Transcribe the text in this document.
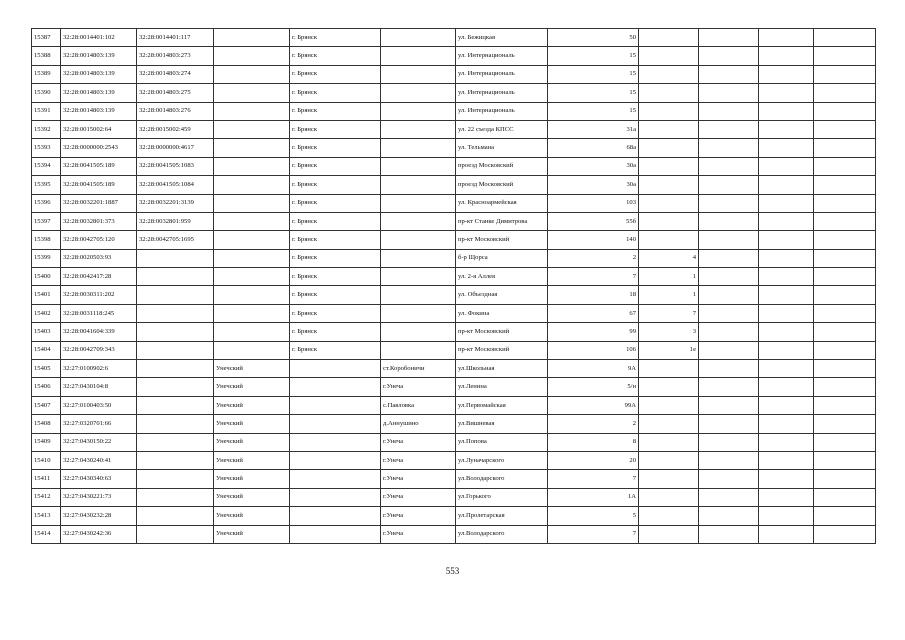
15387	32:28:0014401:102	32:28:0014401:117		г. Брянск		ул. Бежицкая	50				
15388	32:28:0014803:139	32:28:0014803:273		г. Брянск		ул. Интернациональ	15				
15389	32:28:0014803:139	32:28:0014803:274		г. Брянск		ул. Интернациональ	15				
15390	32:28:0014803:139	32:28:0014803:275		г. Брянск		ул. Интернациональ	15				
15391	32:28:0014803:139	32:28:0014803:276		г. Брянск		ул. Интернациональ	15				
15392	32:28:0015002:64	32:28:0015002:459		г. Брянск		ул. 22 съезда КПСС	31а				
15393	32:28:0000000:2543	32:28:0000000:4617		г. Брянск		ул. Тельмана	68а				
15394	32:28:0041505:189	32:28:0041505:1083		г. Брянск		проезд Московский	30а				
15395	32:28:0041505:189	32:28:0041505:1084		г. Брянск		проезд Московский	30а				
15396	32:28:0032201:1887	32:28:0032201:3139		г. Брянск		ул. Красноармейская	103				
15397	32:28:0032801:373	32:28:0032801:959		г. Брянск		пр-кт Станке Димитрова	55б				
15398	32:28:0042705:120	32:28:0042705:1695		г. Брянск		пр-кт Московский	140				
15399	32:28:0020503:93			г. Брянск		б-р Щорса	2	4			
15400	32:28:0042417:28			г. Брянск		ул. 2-я Аллея	7	1			
15401	32:28:0030311:202			г. Брянск		ул. Объездная	18	1			
15402	32:28:0031118:245			г. Брянск		ул. Фокина	67	7			
15403	32:28:0041604:339			г. Брянск		пр-кт Московский	99	3			
15404	32:28:0042709:343			г. Брянск		пр-кт Московский	106	1е			
15405	32:27:0100902:6		Унечский		ст.Коробоничи	ул.Школьная	9А				
15406	32:27:0430104:8		Унечский		г.Унеча	ул.Ленина	5/н				
15407	32:27:0100403:50		Унечский		с.Павловка	ул.Первомайская	99А				
15408	32:27:0320701:66		Унечский		д.Аннушино	ул.Вишневая	2				
15409	32:27:0430150:22		Унечский		г.Унеча	ул.Попова	8				
15410	32:27:0430240:41		Унечский		г.Унеча	ул.Луначарского	20				
15411	32:27:0430340:63		Унечский		г.Унеча	ул.Володарского	7				
15412	32:27:0430221:73		Унечский		г.Унеча	ул.Горького	1А				
15413	32:27:0430232:28		Унечский		г.Унеча	ул.Пролетарская	5				
15414	32:27:0430242:36		Унечский		г.Унеча	ул.Володарского	7				
553
